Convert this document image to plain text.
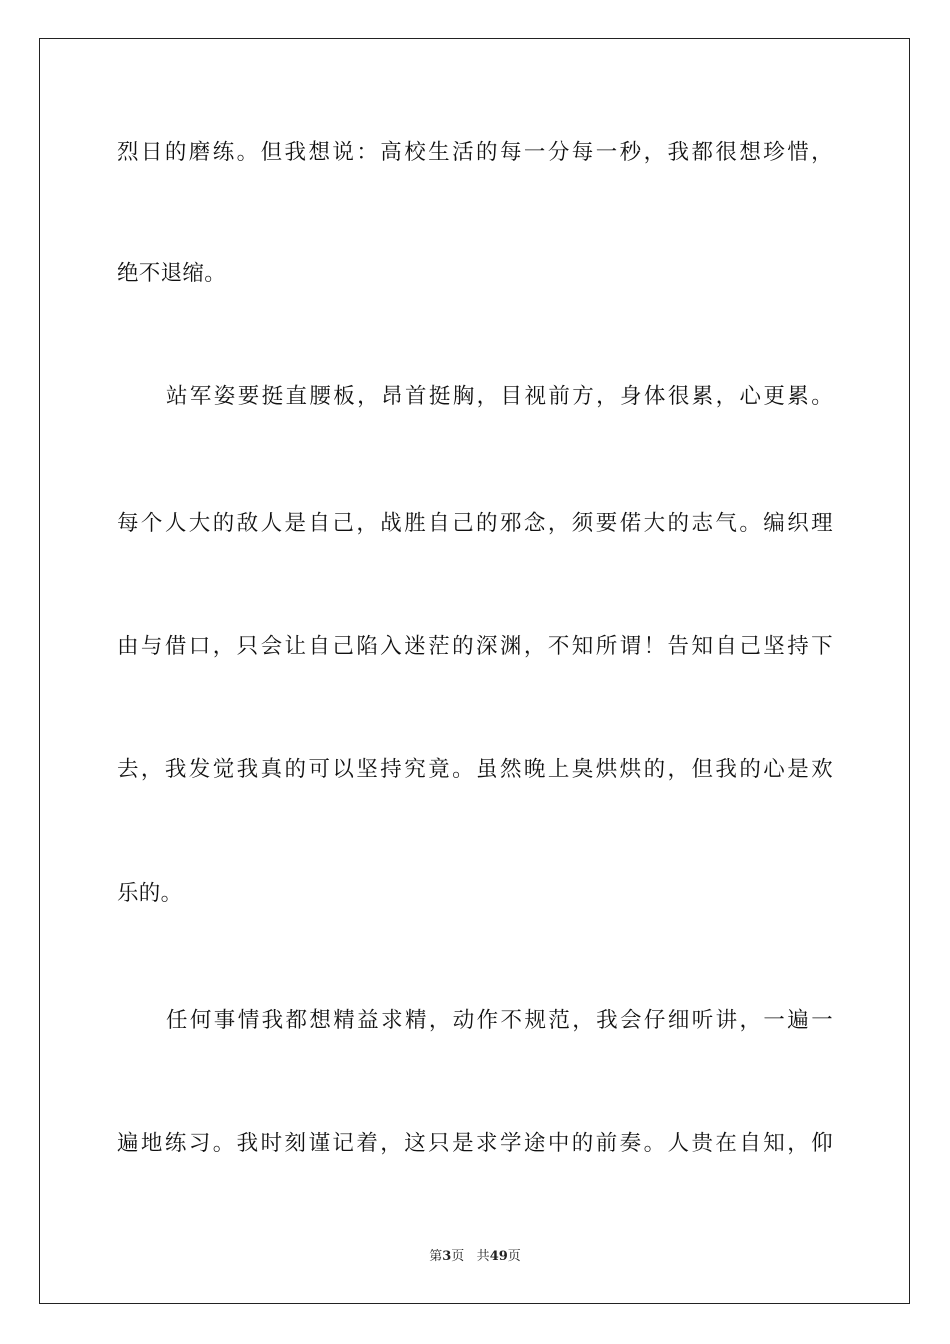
烈日的磨练。但我想说：高校生活的每一分每一秒，我都很想珍惜，
绝不退缩。
站军姿要挺直腰板，昂首挺胸，目视前方，身体很累，心更累。
每个人大的敌人是自己，战胜自己的邪念，须要偌大的志气。编织理
由与借口，只会让自己陷入迷茫的深渊，不知所谓！告知自己坚持下
去，我发觉我真的可以坚持究竟。虽然晚上臭烘烘的，但我的心是欢
乐的。
任何事情我都想精益求精，动作不规范，我会仔细听讲，一遍一
遍地练习。我时刻谨记着，这只是求学途中的前奏。人贵在自知，仰
第3页 共49页
